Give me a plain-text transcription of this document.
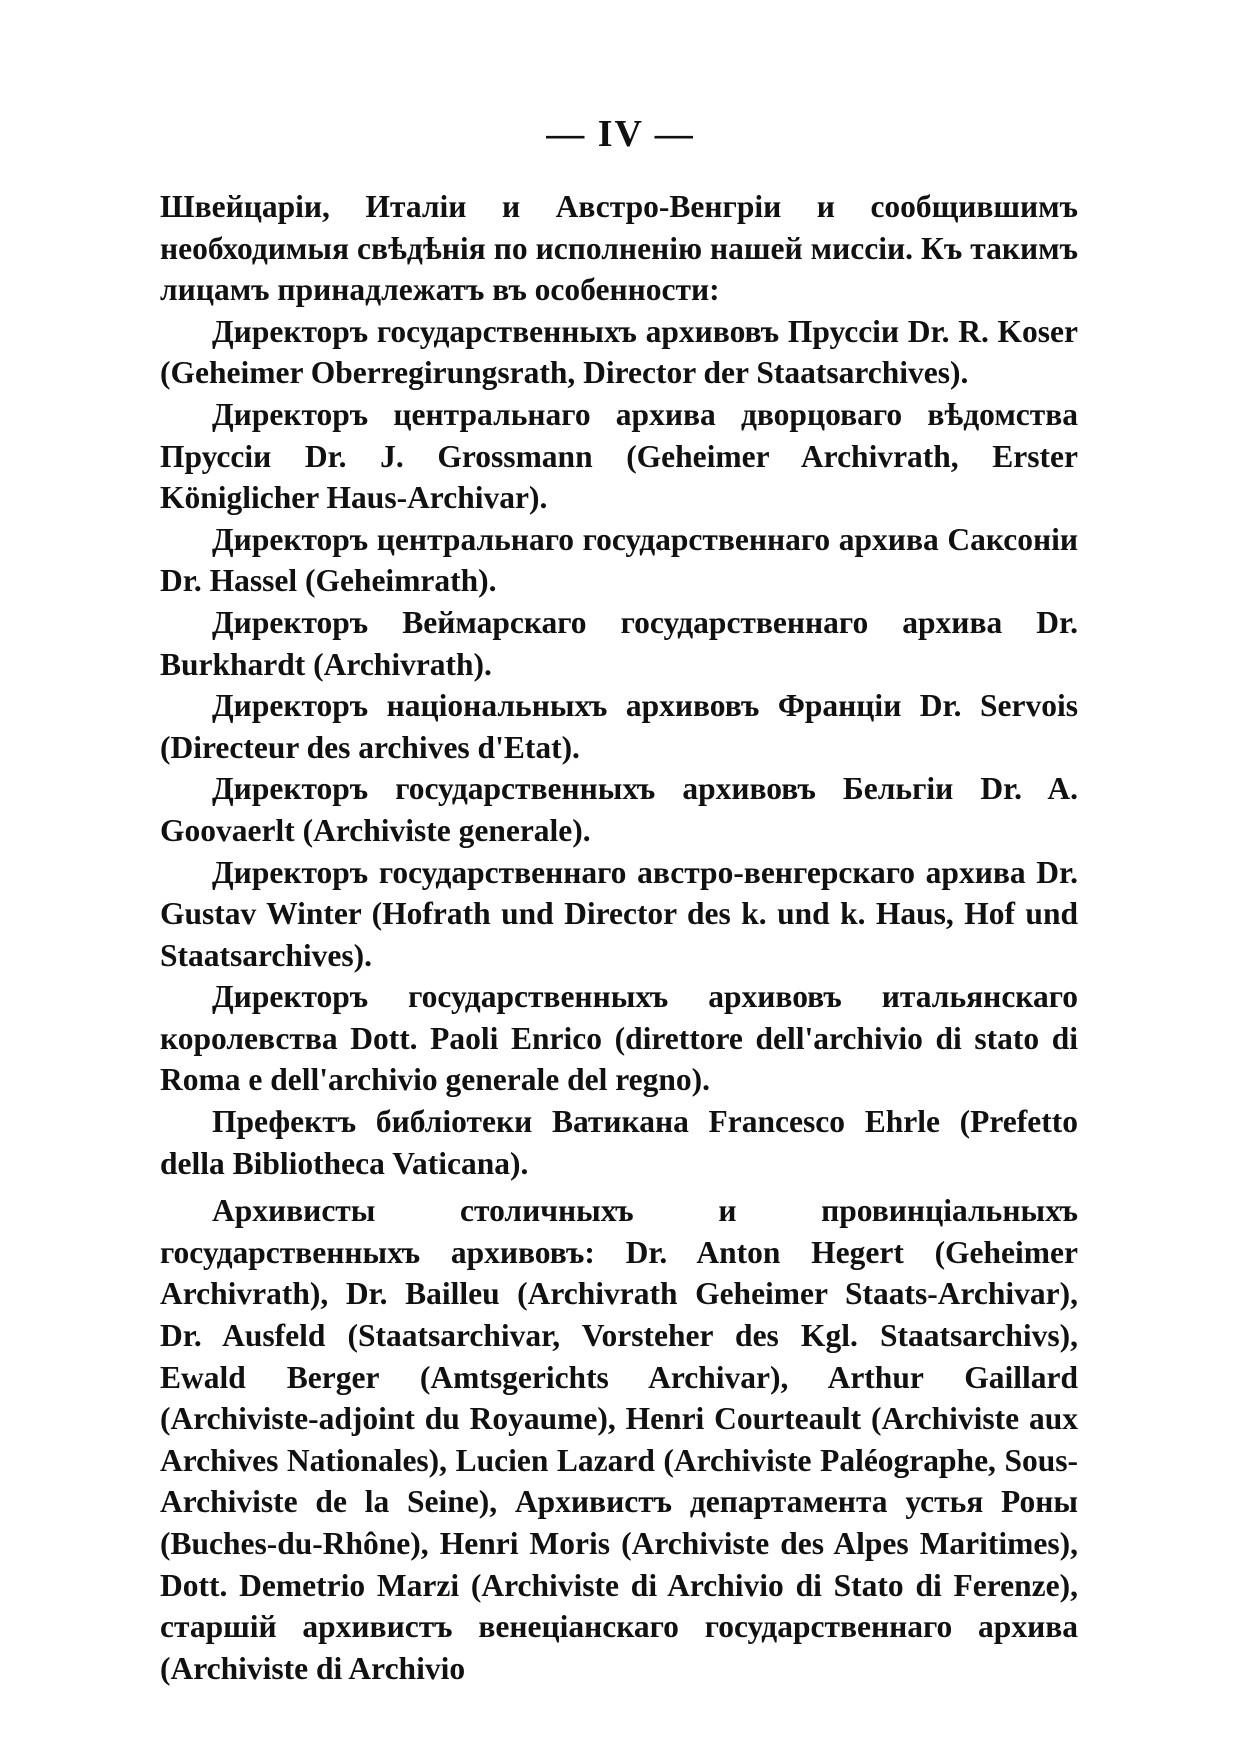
— IV —

Швейцаріи, Италіи и Австро-Венгріи и сообщившимъ необходимыя свѣдѣнія по исполненію нашей миссіи. Къ такимъ лицамъ принадлежатъ въ особенности:

Директоръ государственныхъ архивовъ Пруссіи Dr. R. Koser (Geheimer Oberregirungsrath, Director der Staatsarchives).

Директоръ центральнаго архива дворцоваго вѣдомства Пруссіи Dr. J. Grossmann (Geheimer Archivrath, Erster Königlicher Haus-Archivar).

Директоръ центральнаго государственнаго архива Саксоніи Dr. Hassel (Geheimrath).

Директоръ Веймарскаго государственнаго архива Dr. Burkhardt (Archivrath).

Директоръ національныхъ архивовъ Франціи Dr. Servois (Directeur des archives d'Etat).

Директоръ государственныхъ архивовъ Бельгіи Dr. A. Goovaerlt (Archiviste generale).

Директоръ государственнаго австро-венгерскаго архива Dr. Gustav Winter (Hofrath und Director des k. und k. Haus, Hof und Staatsarchives).

Директоръ государственныхъ архивовъ итальянскаго королевства Dott. Paoli Enrico (direttore dell'archivio di stato di Roma e dell'archivio generale del regno).

Префектъ библіотеки Ватикана Francesco Ehrle (Prefetto della Bibliotheca Vaticana).

Архивисты столичныхъ и провинціальныхъ государственныхъ архивовъ: Dr. Anton Hegert (Geheimer Archivrath), Dr. Bailleu (Archivrath Geheimer Staats-Archivar), Dr. Ausfeld (Staatsarchivar, Vorsteher des Kgl. Staatsarchivs), Ewald Berger (Amtsgerichts Archivar), Arthur Gaillard (Archiviste-adjoint du Royaume), Henri Courteault (Archiviste aux Archives Nationales), Lucien Lazard (Archiviste Paléographe, Sous-Archiviste de la Seine), Архивистъ департамента устья Роны (Buches-du-Rhône), Henri Moris (Archiviste des Alpes Maritimes), Dott. Demetrio Marzi (Archiviste di Archivio di Stato di Ferenze), старшій архивистъ венеціанскаго государственнаго архива (Archiviste di Archivio
